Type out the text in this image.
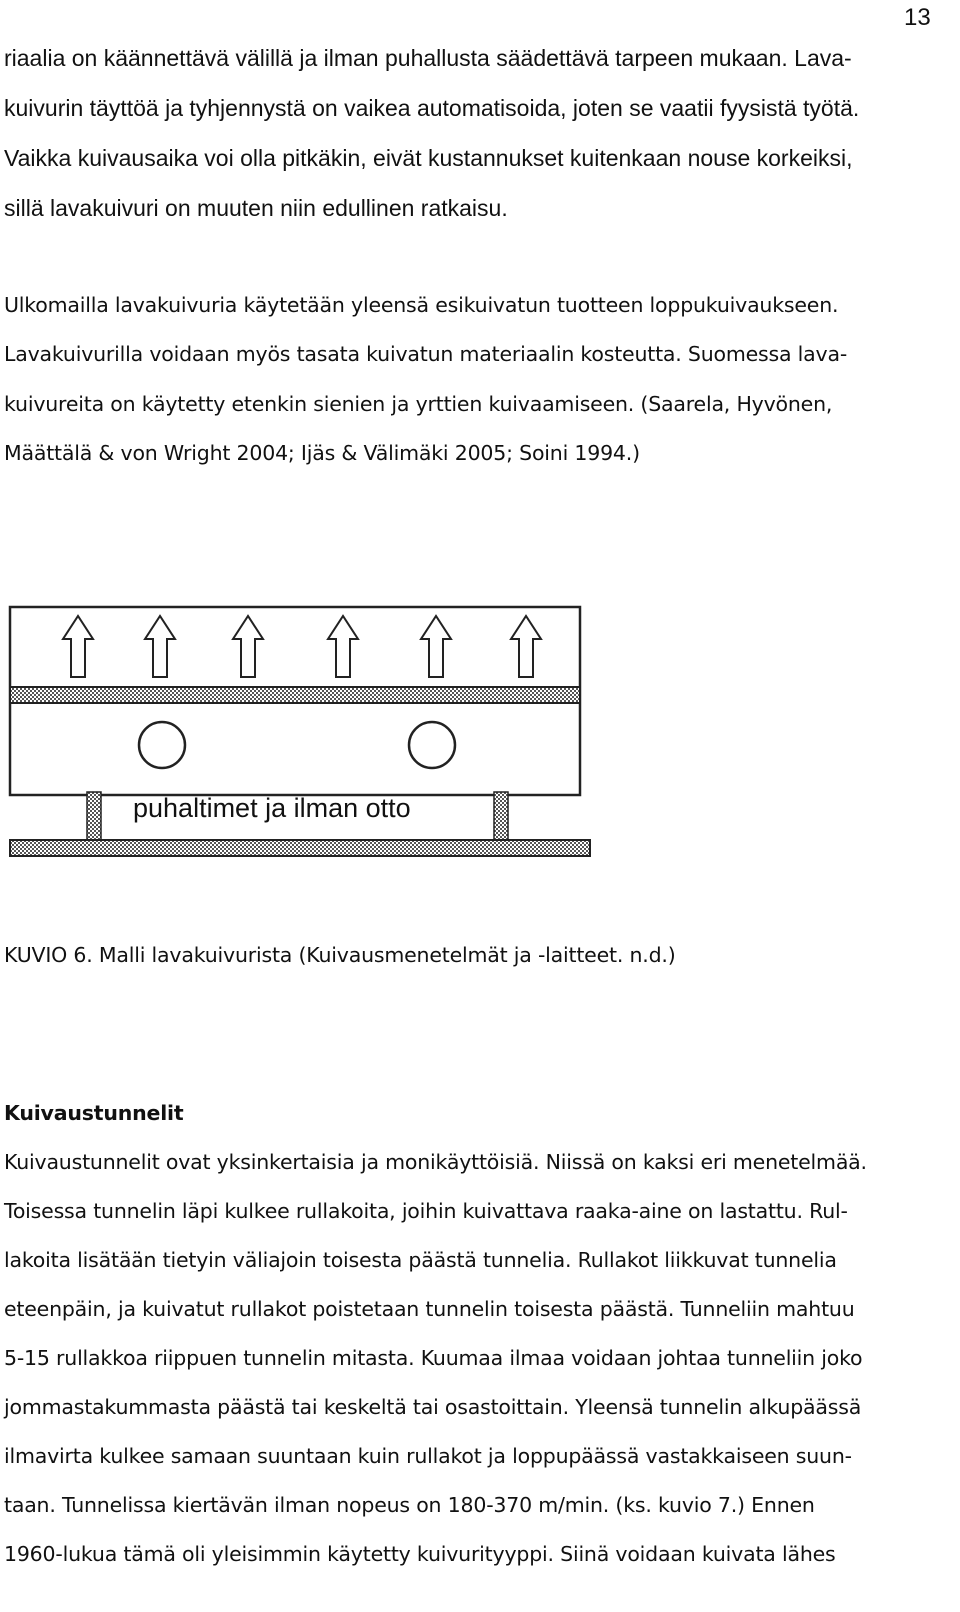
13

riaalia on käännettävä välillä ja ilman puhallusta säädettävä tarpeen mukaan. Lava-

kuivurin täyttöä ja tyhjennystä on vaikea automatisoida, joten se vaatii fyysistä työtä.

Vaikka kuivausaika voi olla pitkäkin, eivät kustannukset kuitenkaan nouse korkeiksi,

sillä lavakuivuri on muuten niin edullinen ratkaisu.

Ulkomailla lavakuivuria käytetään yleensä esikuivatun tuotteen loppukuivaukseen.

Lavakuivurilla voidaan myös tasata kuivatun materiaalin kosteutta. Suomessa lava-

kuivureita on käytetty etenkin sienien ja yrttien kuivaamiseen. (Saarela, Hyvönen,

Määttälä & von Wright 2004; Ijäs & Välimäki 2005; Soini 1994.)

puhaltimet ja ilman otto

KUVIO 6. Malli lavakuivurista (Kuivausmenetelmät ja -laitteet. n.d.)

Kuivaustunnelit

Kuivaustunnelit ovat yksinkertaisia ja monikäyttöisiä. Niissä on kaksi eri menetelmää.

Toisessa tunnelin läpi kulkee rullakoita, joihin kuivattava raaka-aine on lastattu. Rul-

lakoita lisätään tietyin väliajoin toisesta päästä tunnelia. Rullakot liikkuvat tunnelia

eteenpäin, ja kuivatut rullakot poistetaan tunnelin toisesta päästä. Tunneliin mahtuu

5-15 rullakkoa riippuen tunnelin mitasta. Kuumaa ilmaa voidaan johtaa tunneliin joko

jommastakummasta päästä tai keskeltä tai osastoittain. Yleensä tunnelin alkupäässä

ilmavirta kulkee samaan suuntaan kuin rullakot ja loppupäässä vastakkaiseen suun-

taan. Tunnelissa kiertävän ilman nopeus on 180-370 m/min. (ks. kuvio 7.) Ennen

1960-lukua tämä oli yleisimmin käytetty kuivurityyppi. Siinä voidaan kuivata lähes
